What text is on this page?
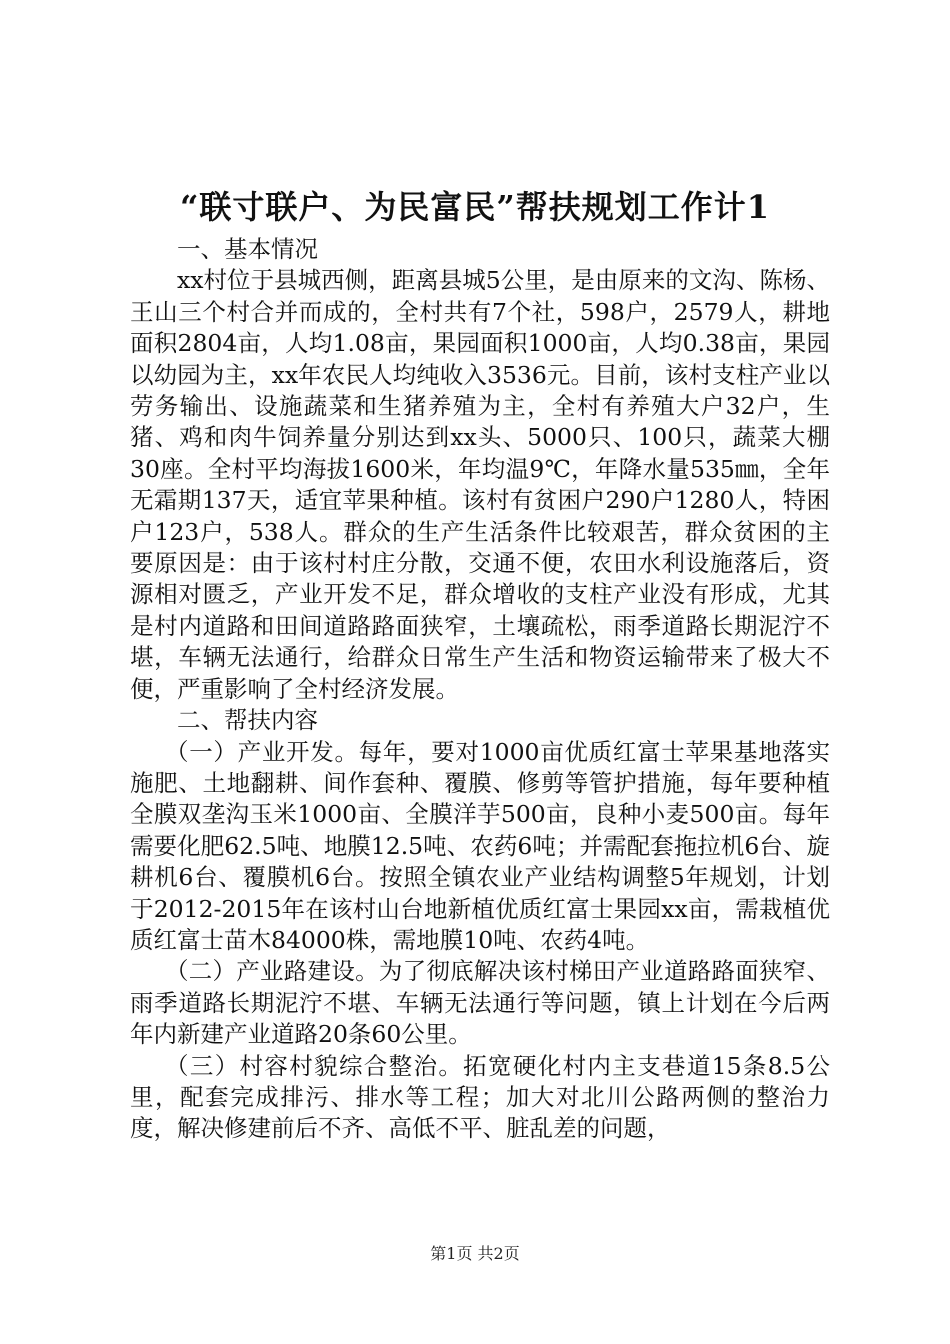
“联寸联户、为民富民”帮扶规划工作计1

一、基本情况

xx村位于县城西侧，距离县城5公里，是由原来的文沟、陈杨、王山三个村合并而成的，全村共有7个社，598户，2579人，耕地面积2804亩，人均1.08亩，果园面积1000亩，人均0.38亩，果园以幼园为主，xx年农民人均纯收入3536元。目前，该村支柱产业以劳务输出、设施蔬菜和生猪养殖为主，全村有养殖大户32户，生猪、鸡和肉牛饲养量分别达到xx头、5000只、100只，蔬菜大棚30座。全村平均海拔1600米，年均温9℃，年降水量535㎜，全年无霜期137天，适宜苹果种植。该村有贫困户290户1280人，特困户123户，538人。群众的生产生活条件比较艰苦，群众贫困的主要原因是：由于该村村庄分散，交通不便，农田水利设施落后，资源相对匮乏，产业开发不足，群众增收的支柱产业没有形成，尤其是村内道路和田间道路路面狭窄，土壤疏松，雨季道路长期泥泞不堪，车辆无法通行，给群众日常生产生活和物资运输带来了极大不便，严重影响了全村经济发展。

二、帮扶内容

（一）产业开发。每年，要对1000亩优质红富士苹果基地落实施肥、土地翻耕、间作套种、覆膜、修剪等管护措施，每年要种植全膜双垄沟玉米1000亩、全膜洋芋500亩，良种小麦500亩。每年需要化肥62.5吨、地膜12.5吨、农药6吨；并需配套拖拉机6台、旋耕机6台、覆膜机6台。按照全镇农业产业结构调整5年规划，计划于2012-2015年在该村山台地新植优质红富士果园xx亩，需栽植优质红富士苗木84000株，需地膜10吨、农药4吨。

（二）产业路建设。为了彻底解决该村梯田产业道路路面狭窄、雨季道路长期泥泞不堪、车辆无法通行等问题，镇上计划在今后两年内新建产业道路20条60公里。

（三）村容村貌综合整治。拓宽硬化村内主支巷道15条8.5公里，配套完成排污、排水等工程；加大对北川公路两侧的整治力度，解决修建前后不齐、高低不平、脏乱差的问题，

第1页 共2页
